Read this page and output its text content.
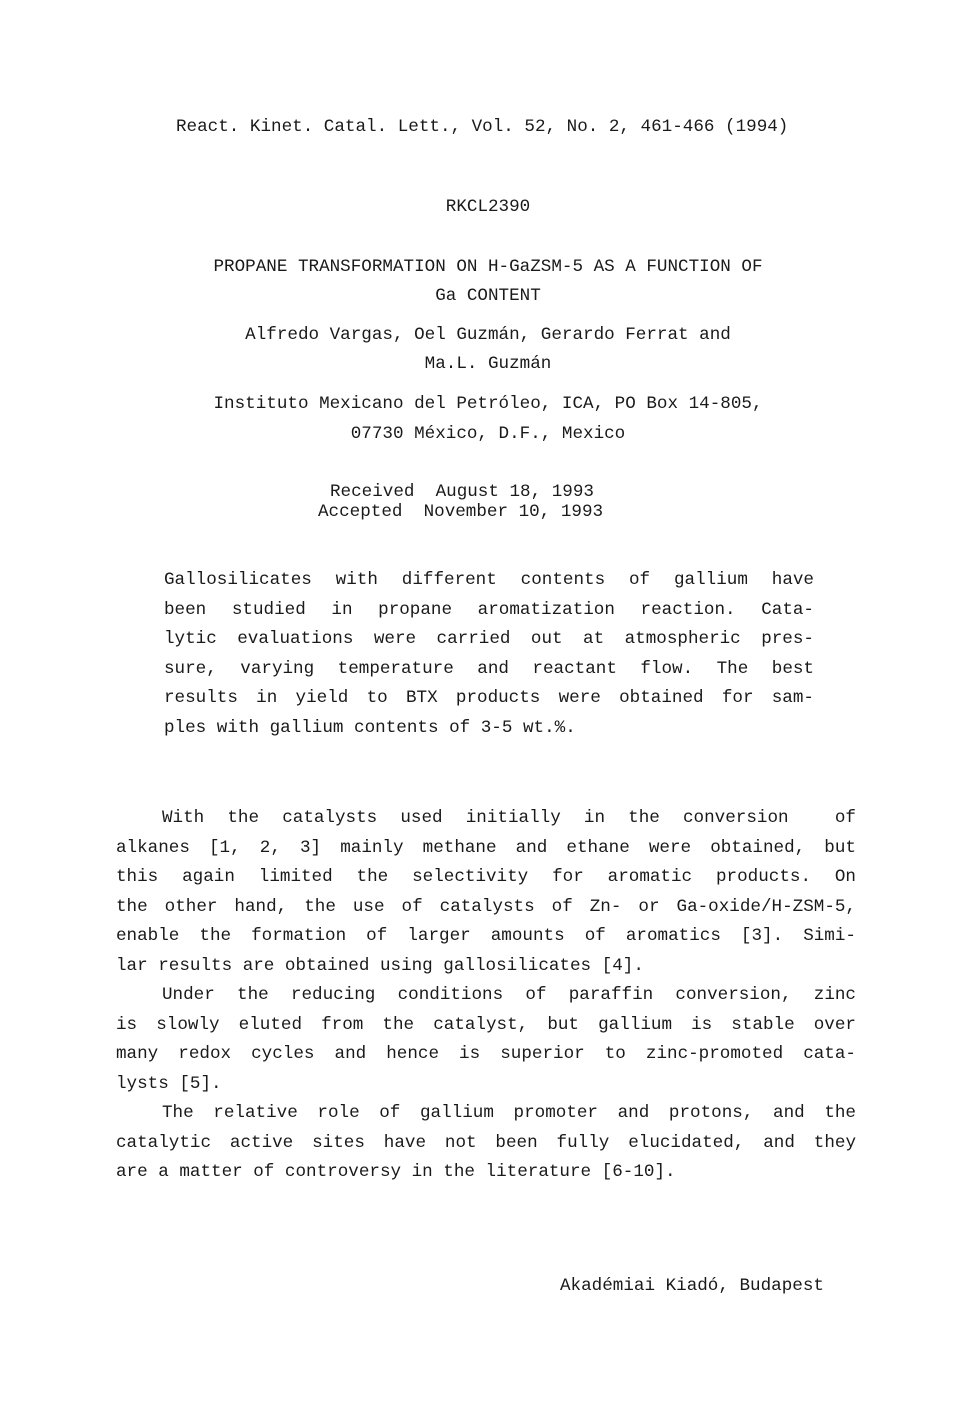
React. Kinet. Catal. Lett., Vol. 52, No. 2, 461-466 (1994)
RKCL2390
PROPANE TRANSFORMATION ON H-GaZSM-5 AS A FUNCTION OF
Ga CONTENT
Alfredo Vargas, Oel Guzmán, Gerardo Ferrat and
Ma.L. Guzmán
Instituto Mexicano del Petróleo, ICA, PO Box 14-805,
07730 México, D.F., Mexico
Received  August 18, 1993
Accepted  November 10, 1993
Gallosilicates with different contents of gallium have
been studied in propane aromatization reaction. Cata-
lytic evaluations were carried out at atmospheric pres-
sure, varying temperature and reactant flow. The best
results in yield to BTX products were obtained for sam-
ples with gallium contents of 3-5 wt.%.
With the catalysts used initially in the conversion  of
alkanes [1, 2, 3] mainly methane and ethane were obtained, but
this again limited the selectivity for aromatic products. On
the other hand, the use of catalysts of Zn- or Ga-oxide/H-ZSM-5,
enable the formation of larger amounts of aromatics [3]. Simi-
lar results are obtained using gallosilicates [4].
Under the reducing conditions of paraffin conversion, zinc
is slowly eluted from the catalyst, but gallium is stable over
many redox cycles and hence is superior to zinc-promoted cata-
lysts [5].
The relative role of gallium promoter and protons, and the
catalytic active sites have not been fully elucidated, and they
are a matter of controversy in the literature [6-10].
Akadémiai Kiadó, Budapest
